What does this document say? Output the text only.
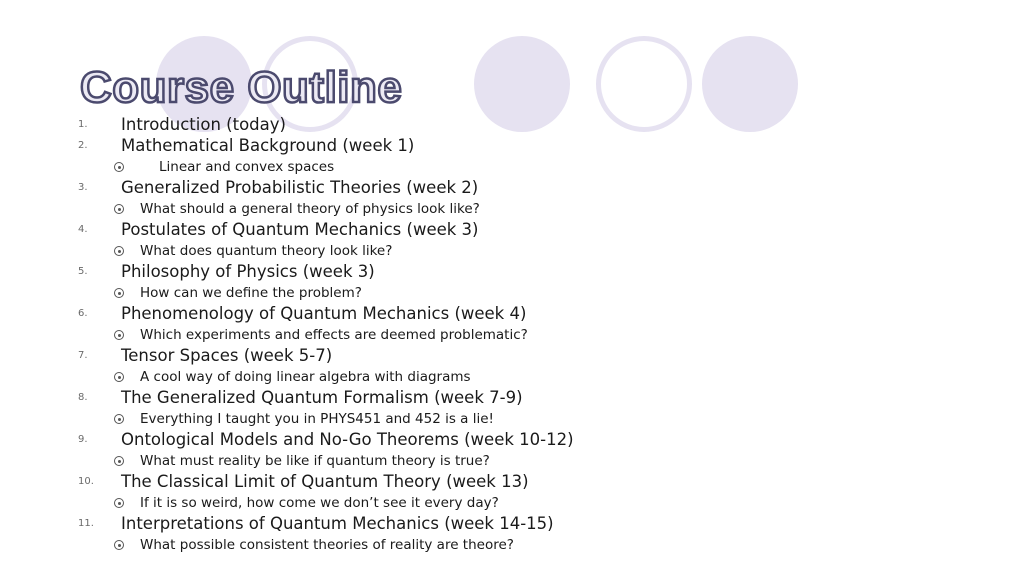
Course Outline
1. Introduction (today)
2. Mathematical Background (week 1)
Linear and convex spaces
3. Generalized Probabilistic Theories (week 2)
What should a general theory of physics look like?
4. Postulates of Quantum Mechanics (week 3)
What does quantum theory look like?
5. Philosophy of Physics (week 3)
How can we define the problem?
6. Phenomenology of Quantum Mechanics (week 4)
Which experiments and effects are deemed problematic?
7. Tensor Spaces (week 5-7)
A cool way of doing linear algebra with diagrams
8. The Generalized Quantum Formalism (week 7-9)
Everything I taught you in PHYS451 and 452 is a lie!
9. Ontological Models and No-Go Theorems (week 10-12)
What must reality be like if quantum theory is true?
10. The Classical Limit of Quantum Theory (week 13)
If it is so weird, how come we don’t see it every day?
11. Interpretations of Quantum Mechanics (week 14-15)
What possible consistent theories of reality are theore?
